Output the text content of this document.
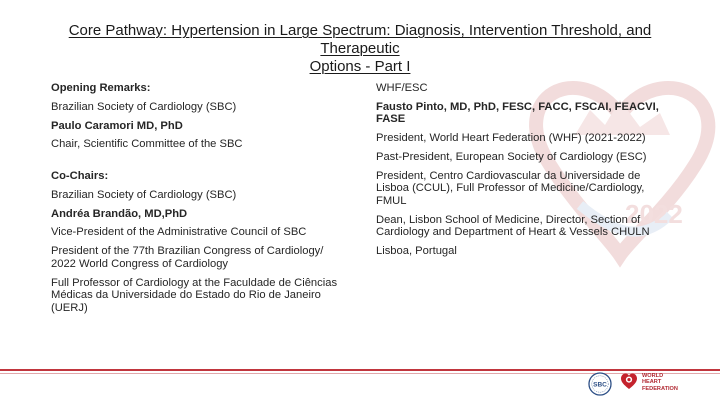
2022
Core Pathway: Hypertension in Large Spectrum: Diagnosis, Intervention Threshold, and Therapeutic
Options - Part I
Opening Remarks:
Brazilian Society of Cardiology (SBC)
Paulo Caramori MD, PhD
Chair, Scientific Committee of the SBC
Co-Chairs:
Brazilian Society of Cardiology (SBC)
Andréa Brandão, MD,PhD
Vice-President of the Administrative Council of SBC
President of the 77th Brazilian Congress of Cardiology/ 2022 World Congress of Cardiology
Full Professor of Cardiology at the Faculdade de Ciências Médicas da Universidade do Estado do Rio de Janeiro (UERJ)
WHF/ESC
Fausto Pinto, MD, PhD, FESC, FACC, FSCAI, FEACVI, FASE
President, World Heart Federation (WHF) (2021-2022)
Past-President, European Society of Cardiology (ESC)
President, Centro Cardiovascular da Universidade de Lisboa (CCUL), Full Professor of Medicine/Cardiology, FMUL
Dean, Lisbon School of Medicine, Director, Section of Cardiology and Department of Heart & Vessels CHULN
Lisboa, Portugal
SBC
WORLD
HEART
FEDERATION
